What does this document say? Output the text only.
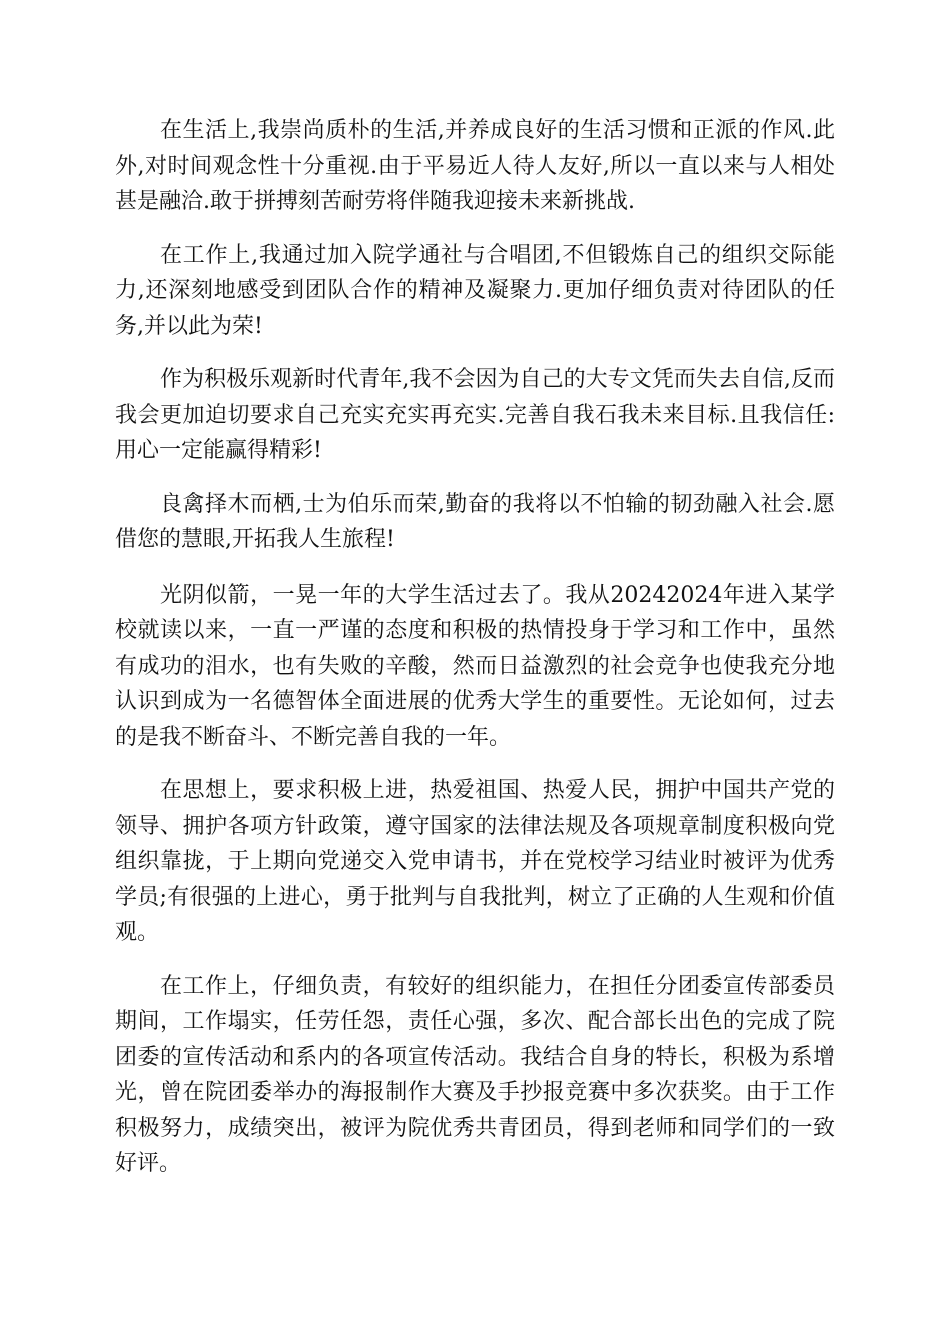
在生活上,我崇尚质朴的生活,并养成良好的生活习惯和正派的作风.此外,对时间观念性十分重视.由于平易近人待人友好,所以一直以来与人相处甚是融洽.敢于拼搏刻苦耐劳将伴随我迎接未来新挑战.

在工作上,我通过加入院学通社与合唱团,不但锻炼自己的组织交际能力,还深刻地感受到团队合作的精神及凝聚力.更加仔细负责对待团队的任务,并以此为荣!

作为积极乐观新时代青年,我不会因为自己的大专文凭而失去自信,反而我会更加迫切要求自己充实充实再充实.完善自我石我未来目标.且我信任:用心一定能赢得精彩!

良禽择木而栖,士为伯乐而荣,勤奋的我将以不怕输的韧劲融入社会.愿借您的慧眼,开拓我人生旅程!

光阴似箭，一晃一年的大学生活过去了。我从20242024年进入某学校就读以来，一直一严谨的态度和积极的热情投身于学习和工作中，虽然有成功的泪水，也有失败的辛酸，然而日益激烈的社会竞争也使我充分地认识到成为一名德智体全面进展的优秀大学生的重要性。无论如何，过去的是我不断奋斗、不断完善自我的一年。

在思想上，要求积极上进，热爱祖国、热爱人民，拥护中国共产党的领导、拥护各项方针政策，遵守国家的法律法规及各项规章制度积极向党组织靠拢，于上期向党递交入党申请书，并在党校学习结业时被评为优秀学员;有很强的上进心，勇于批判与自我批判，树立了正确的人生观和价值观。

在工作上，仔细负责，有较好的组织能力，在担任分团委宣传部委员期间，工作塌实，任劳任怨，责任心强，多次、配合部长出色的完成了院团委的宣传活动和系内的各项宣传活动。我结合自身的特长，积极为系增光，曾在院团委举办的海报制作大赛及手抄报竞赛中多次获奖。由于工作积极努力，成绩突出，被评为院优秀共青团员，得到老师和同学们的一致好评。
